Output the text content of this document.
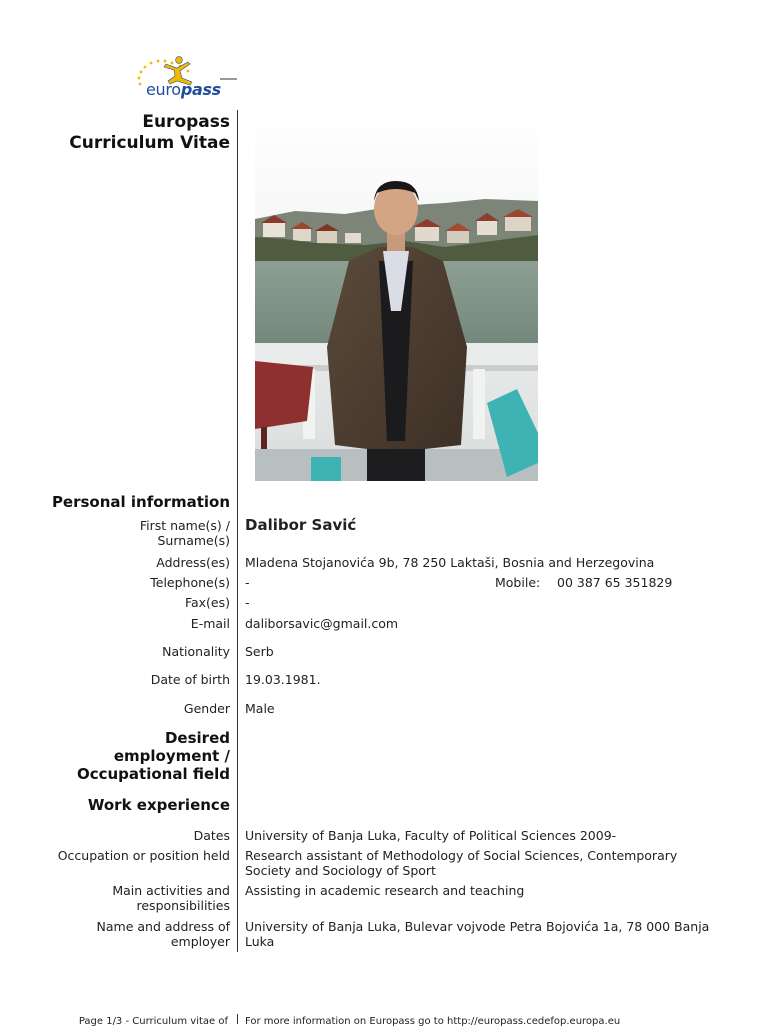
europass
Europass
Curriculum Vitae
Personal information
First name(s) /
Surname(s)
Dalibor Savić
Address(es) Mladena Stojanovića 9b, 78 250 Laktaši, Bosnia and Herzegovina
Telephone(s) -	Mobile: 00 387 65 351829
Fax(es) -
E-mail daliborsavic@gmail.com
Nationality Serb
Date of birth 19.03.1981.
Gender Male
Desired
employment /
Occupational field
Work experience
Dates University of Banja Luka, Faculty of Political Sciences 2009-
Occupation or position held Research assistant of Methodology of Social Sciences, Contemporary
Society and Sociology of Sport
Main activities and
responsibilities
Assisting in academic research and teaching
Name and address of
employer
University of Banja Luka, Bulevar vojvode Petra Bojovića 1a, 78 000 Banja
Luka
Page 1/3 - Curriculum vitae of For more information on Europass go to http://europass.cedefop.europa.eu
